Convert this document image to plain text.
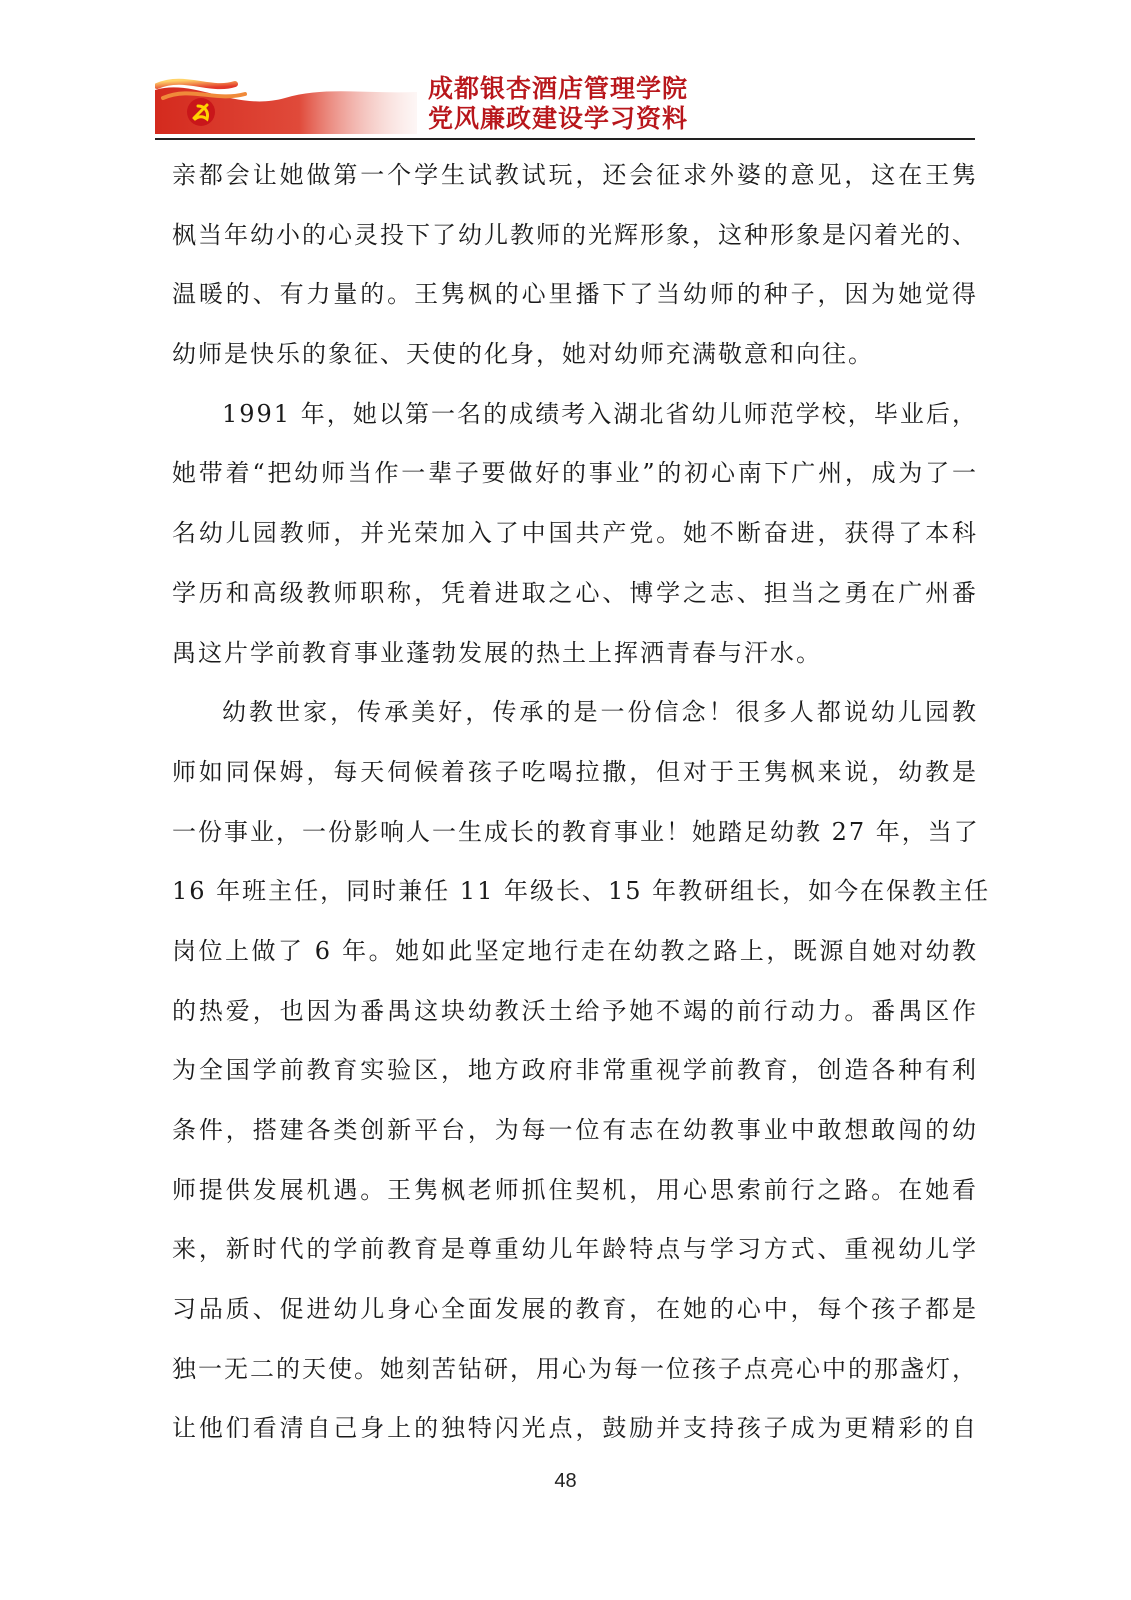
成都银杏酒店管理学院
党风廉政建设学习资料
亲都会让她做第一个学生试教试玩，还会征求外婆的意见，这在王隽
枫当年幼小的心灵投下了幼儿教师的光辉形象，这种形象是闪着光的、
温暖的、有力量的。王隽枫的心里播下了当幼师的种子，因为她觉得
幼师是快乐的象征、天使的化身，她对幼师充满敬意和向往。
1991 年，她以第一名的成绩考入湖北省幼儿师范学校，毕业后，
她带着“把幼师当作一辈子要做好的事业”的初心南下广州，成为了一
名幼儿园教师，并光荣加入了中国共产党。她不断奋进，获得了本科
学历和高级教师职称，凭着进取之心、博学之志、担当之勇在广州番
禺这片学前教育事业蓬勃发展的热土上挥洒青春与汗水。
幼教世家，传承美好，传承的是一份信念！很多人都说幼儿园教
师如同保姆，每天伺候着孩子吃喝拉撒，但对于王隽枫来说，幼教是
一份事业，一份影响人一生成长的教育事业！她踏足幼教 27 年，当了
16 年班主任，同时兼任 11 年级长、15 年教研组长，如今在保教主任
岗位上做了 6 年。她如此坚定地行走在幼教之路上，既源自她对幼教
的热爱，也因为番禺这块幼教沃土给予她不竭的前行动力。番禺区作
为全国学前教育实验区，地方政府非常重视学前教育，创造各种有利
条件，搭建各类创新平台，为每一位有志在幼教事业中敢想敢闯的幼
师提供发展机遇。王隽枫老师抓住契机，用心思索前行之路。在她看
来，新时代的学前教育是尊重幼儿年龄特点与学习方式、重视幼儿学
习品质、促进幼儿身心全面发展的教育，在她的心中，每个孩子都是
独一无二的天使。她刻苦钻研，用心为每一位孩子点亮心中的那盏灯，
让他们看清自己身上的独特闪光点，鼓励并支持孩子成为更精彩的自
48
